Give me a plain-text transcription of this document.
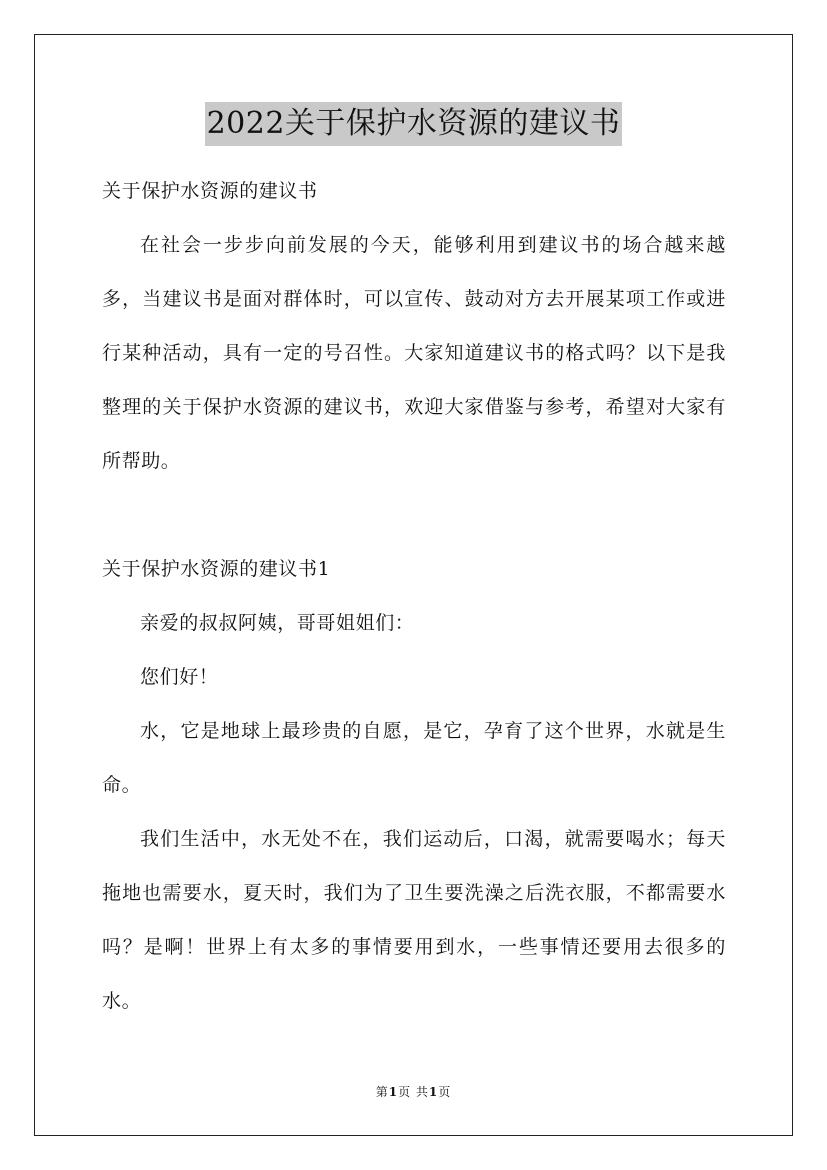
2022关于保护水资源的建议书

关于保护水资源的建议书

在社会一步步向前发展的今天，能够利用到建议书的场合越来越多，当建议书是面对群体时，可以宣传、鼓动对方去开展某项工作或进行某种活动，具有一定的号召性。大家知道建议书的格式吗？以下是我整理的关于保护水资源的建议书，欢迎大家借鉴与参考，希望对大家有所帮助。

关于保护水资源的建议书1

亲爱的叔叔阿姨，哥哥姐姐们：

您们好！

水，它是地球上最珍贵的自愿，是它，孕育了这个世界，水就是生命。

我们生活中，水无处不在，我们运动后，口渴，就需要喝水；每天拖地也需要水，夏天时，我们为了卫生要洗澡之后洗衣服，不都需要水吗？是啊！世界上有太多的事情要用到水，一些事情还要用去很多的水。

第1页 共1页
